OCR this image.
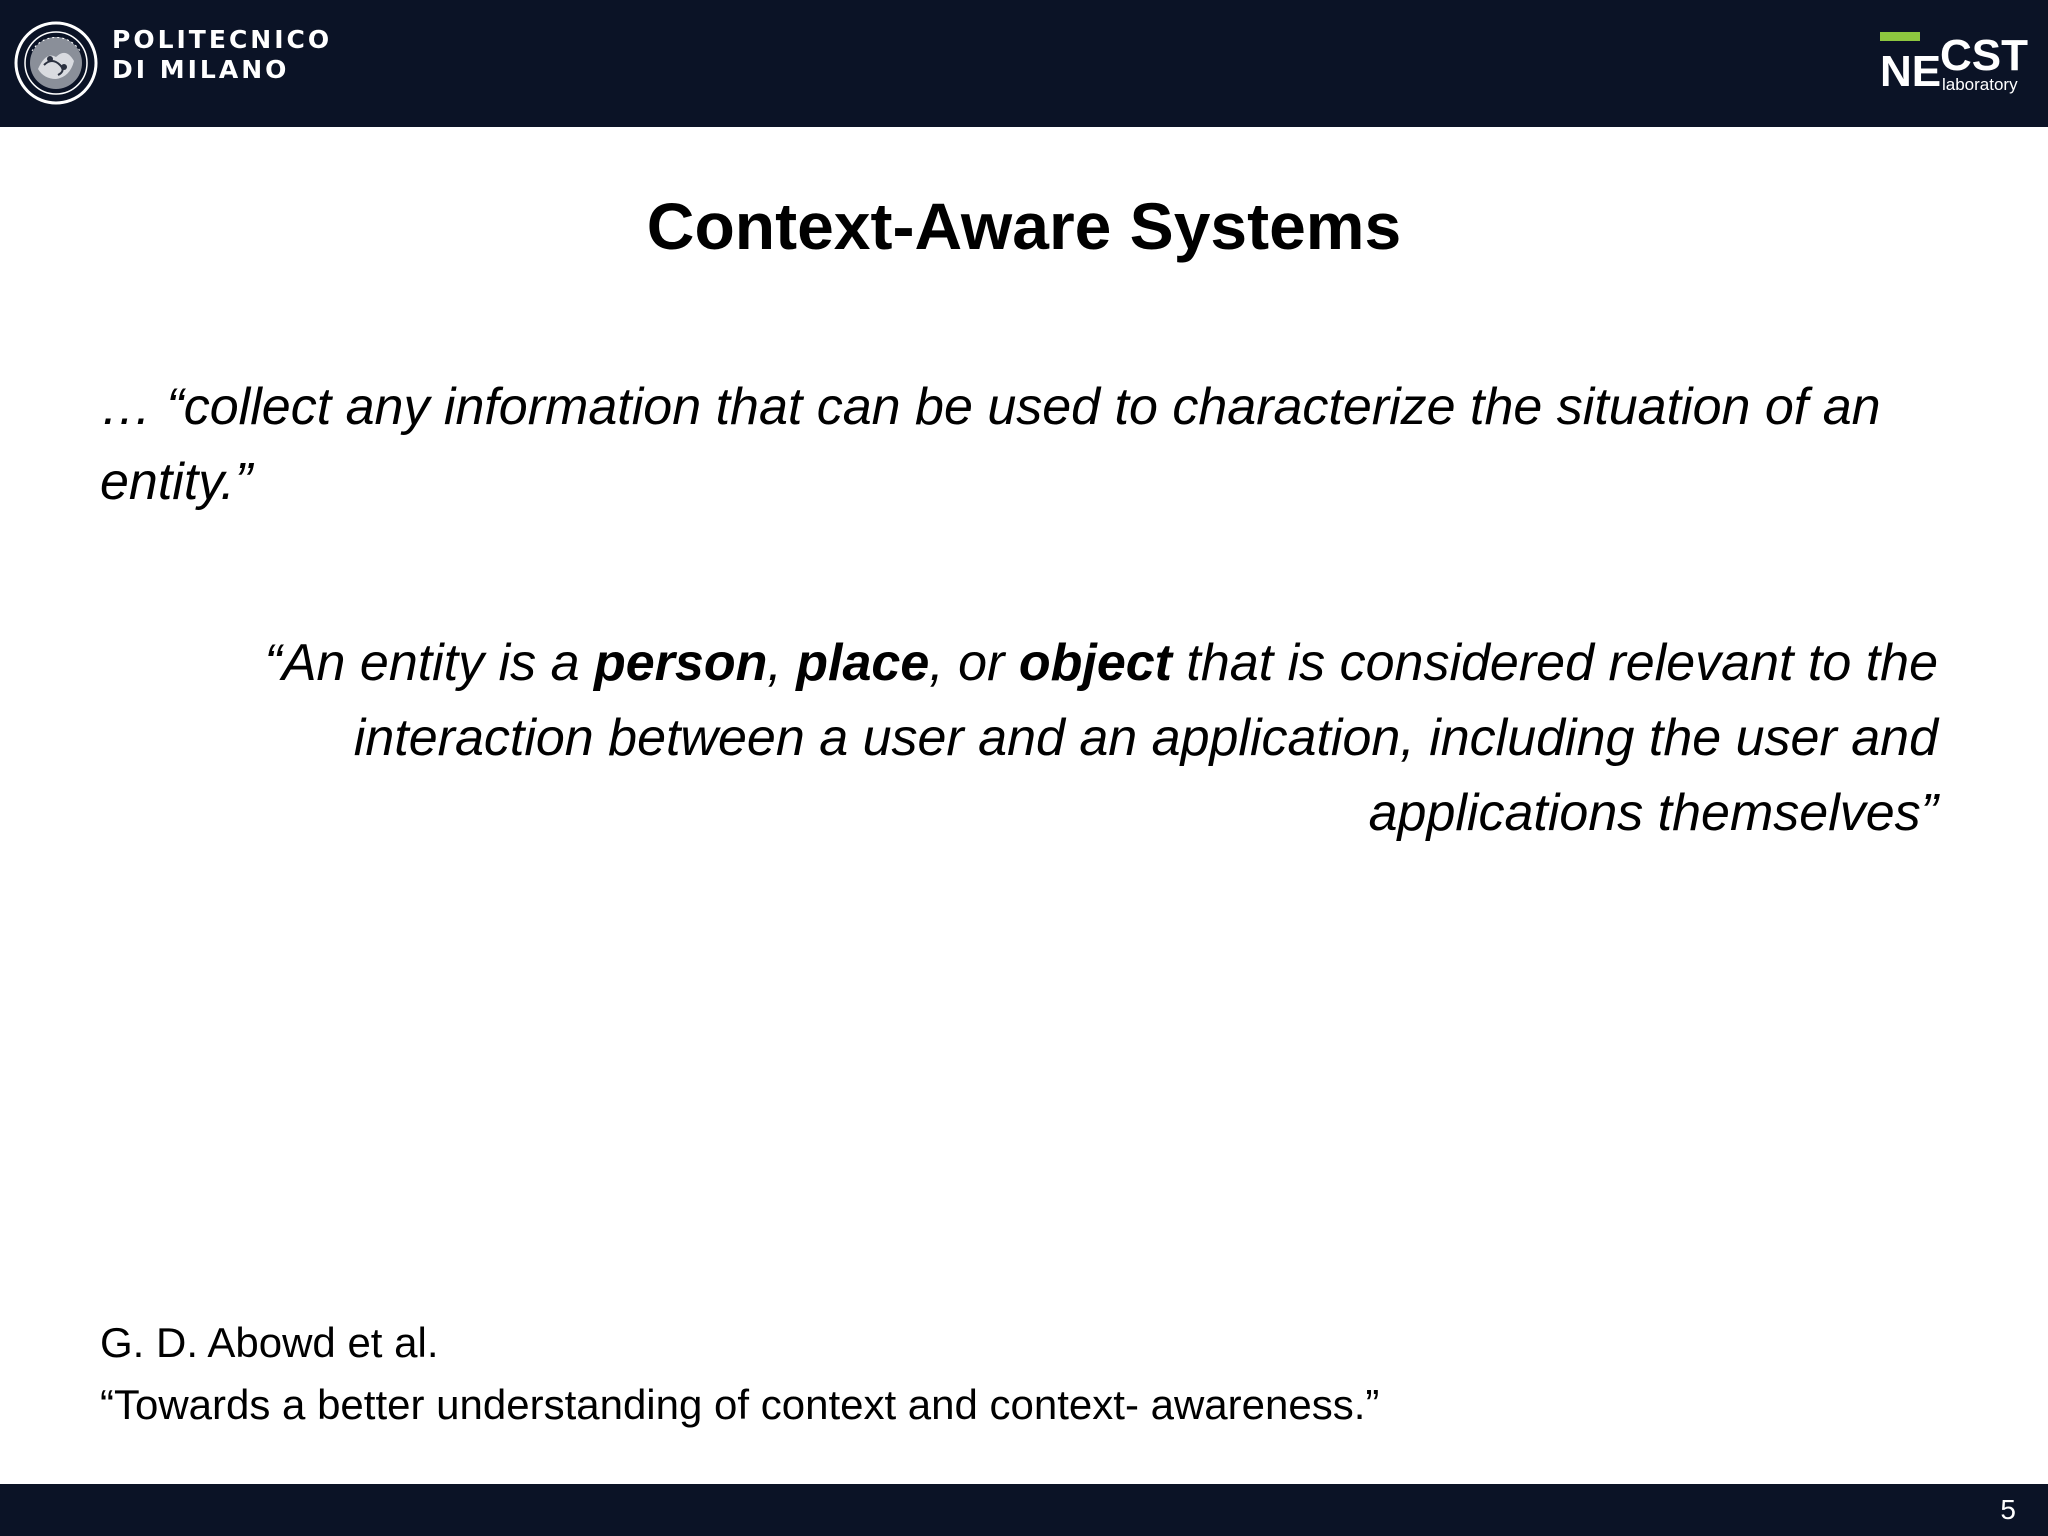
POLITECNICO
DI MILANO	NE
CST
laboratory
Context-Aware Systems

… “collect any information that can be used to characterize the situation of an entity.”

“An entity is a person, place, or object that is considered relevant to the interaction between a user and an application, including the user and applications themselves”

G. D. Abowd et al.
“Towards a better understanding of context and context- awareness.”
5
